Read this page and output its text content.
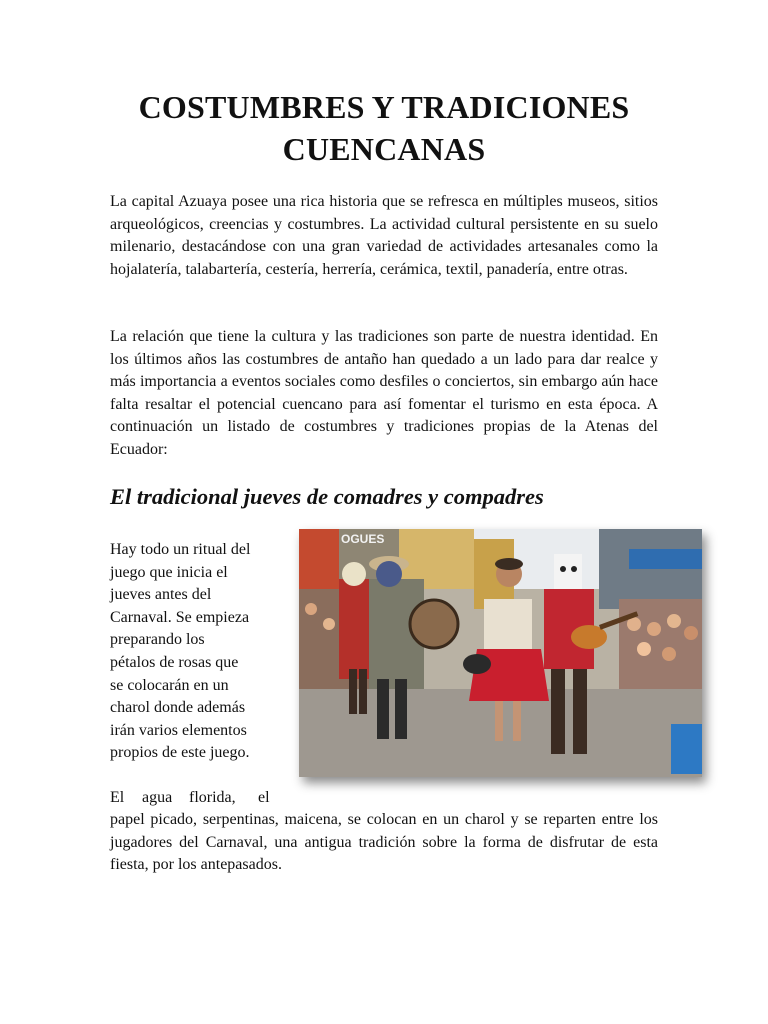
COSTUMBRES Y TRADICIONES CUENCANAS

La capital Azuaya posee una rica historia que se refresca en múltiples museos, sitios arqueológicos, creencias y costumbres. La actividad cultural persistente en su suelo milenario, destacándose con una gran variedad de actividades artesanales como la hojalatería, talabartería, cestería, herrería, cerámica, textil, panadería, entre otras.

La relación que tiene la cultura y las tradiciones son parte de nuestra identidad. En los últimos años las costumbres de antaño han quedado a un lado para dar realce y más importancia a eventos sociales como desfiles o conciertos, sin embargo aún hace falta resaltar el potencial cuencano para así fomentar el turismo en esta época. A continuación un listado de costumbres y tradiciones propias de la Atenas del Ecuador:

El tradicional jueves de comadres y compadres

Hay todo un ritual del
juego que inicia el
jueves antes del
Carnaval. Se empieza
preparando los
pétalos de rosas que
se colocarán en un
charol donde además
irán varios elementos
propios de este juego.

El agua florida, el

papel picado, serpentinas, maicena, se colocan en un charol y se reparten entre los jugadores del Carnaval, una antigua tradición sobre la forma de disfrutar de esta fiesta, por los antepasados.

OGUES
